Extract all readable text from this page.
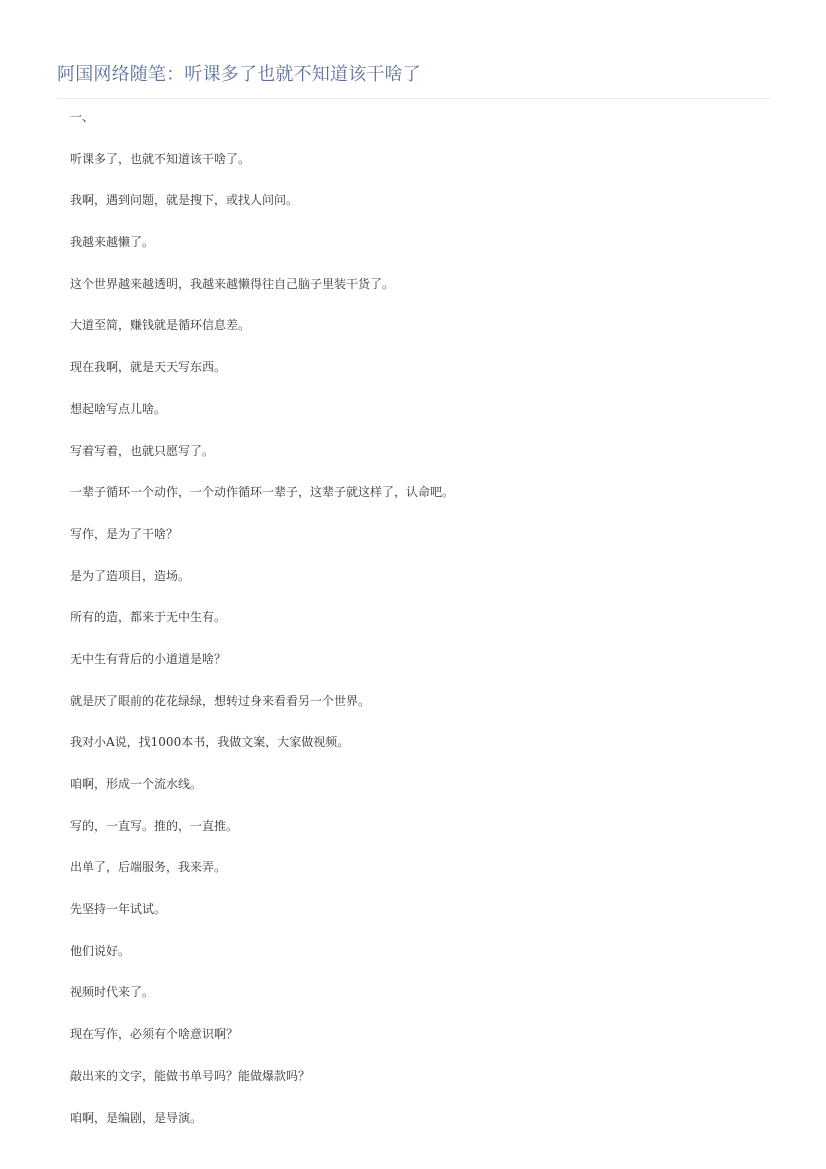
阿国网络随笔：听课多了也就不知道该干啥了

一、

听课多了，也就不知道该干啥了。

我啊，遇到问题，就是搜下，或找人问问。

我越来越懒了。

这个世界越来越透明，我越来越懒得往自己脑子里装干货了。

大道至简，赚钱就是循环信息差。

现在我啊，就是天天写东西。

想起啥写点儿啥。

写着写着，也就只愿写了。

一辈子循环一个动作，一个动作循环一辈子，这辈子就这样了，认命吧。

写作，是为了干啥？

是为了造项目，造场。

所有的造，都来于无中生有。

无中生有背后的小道道是啥？

就是厌了眼前的花花绿绿，想转过身来看看另一个世界。

我对小A说，找1000本书，我做文案，大家做视频。

咱啊，形成一个流水线。

写的，一直写。推的，一直推。

出单了，后端服务，我来弄。

先坚持一年试试。

他们说好。

视频时代来了。

现在写作，必须有个啥意识啊？

敲出来的文字，能做书单号吗？能做爆款吗？

咱啊，是编剧，是导演。
